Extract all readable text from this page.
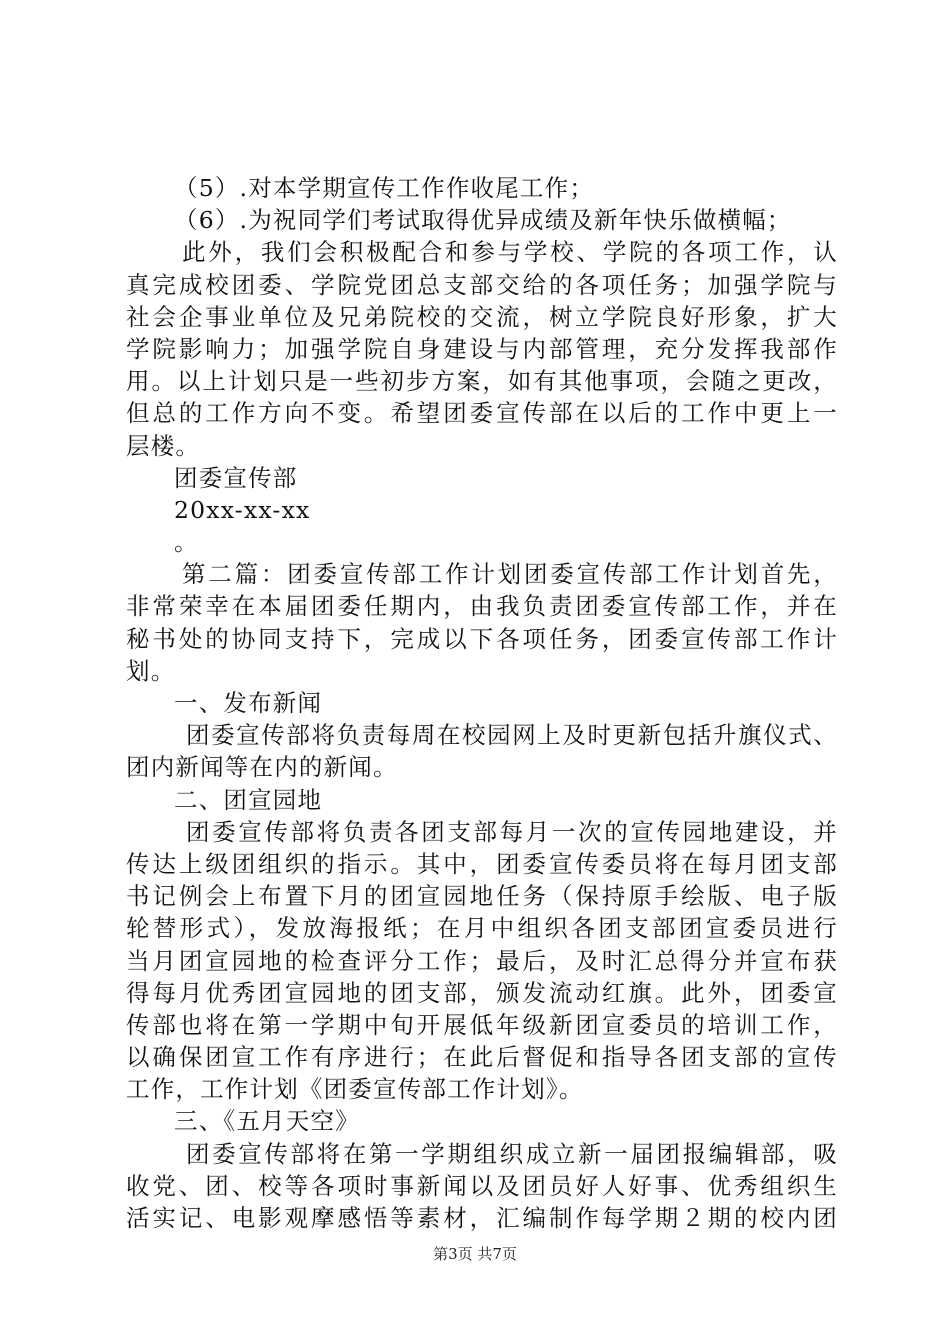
（5）.对本学期宣传工作作收尾工作；
（6）.为祝同学们考试取得优异成绩及新年快乐做横幅；
此外，我们会积极配合和参与学校、学院的各项工作，认
真完成校团委、学院党团总支部交给的各项任务；加强学院与
社会企事业单位及兄弟院校的交流，树立学院良好形象，扩大
学院影响力；加强学院自身建设与内部管理，充分发挥我部作
用。以上计划只是一些初步方案，如有其他事项，会随之更改，
但总的工作方向不变。希望团委宣传部在以后的工作中更上一
层楼。
团委宣传部
20xx-xx-xx
。
第二篇：团委宣传部工作计划团委宣传部工作计划首先，
非常荣幸在本届团委任期内，由我负责团委宣传部工作，并在
秘书处的协同支持下，完成以下各项任务，团委宣传部工作计
划。
一、发布新闻
团委宣传部将负责每周在校园网上及时更新包括升旗仪式、
团内新闻等在内的新闻。
二、团宣园地
团委宣传部将负责各团支部每月一次的宣传园地建设，并
传达上级团组织的指示。其中，团委宣传委员将在每月团支部
书记例会上布置下月的团宣园地任务（保持原手绘版、电子版
轮替形式），发放海报纸；在月中组织各团支部团宣委员进行
当月团宣园地的检查评分工作；最后，及时汇总得分并宣布获
得每月优秀团宣园地的团支部，颁发流动红旗。此外，团委宣
传部也将在第一学期中旬开展低年级新团宣委员的培训工作，
以确保团宣工作有序进行；在此后督促和指导各团支部的宣传
工作，工作计划《团委宣传部工作计划》。
三、《五月天空》
团委宣传部将在第一学期组织成立新一届团报编辑部，吸
收党、团、校等各项时事新闻以及团员好人好事、优秀组织生
活实记、电影观摩感悟等素材，汇编制作每学期２期的校内团
第3页 共7页
